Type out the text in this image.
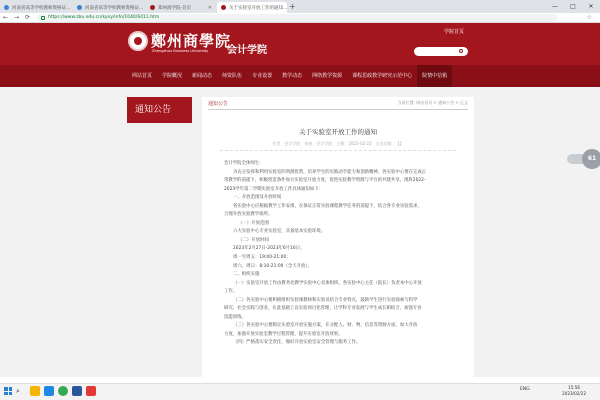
河南省高等学校教师资格证…	河南省高等学校教师资格证…	郑州商学院-首页	✕	关于实验室开放工作的通知… +	—	□	✕
← → ⟳	https://www.zbu.edu.cn/kyxy/info/1040/6411.htm	☆
鄭州商學院
Zhengzhou Business University 会计学院
学院首页
网站首页	学院概况	新闻动态	师资队伍	专业设置	教学动态	网络教学资源	课程思政教学研究示范中心	院情中信箱
通知公告
通知公告	当前位置: 网站首页 > 通知公告 > 正文
关于实验室开放工作的通知
作者：会计学院　审核：会计学院　日期：2023-02-22　点击次数：【】

会计学院全体师生：

为充分发挥和利用实验室的资源优势，培养学生的实践动手能力和创新精神，各实验中心要在完成正

常教学的前提下，积极创造条件加大实验室开放力度，促进实验教学资源与平台的共建共享。现将2022-

2023学年第二学期实验室开放工作具体通知如下：

一、开放范围及开放时间

各实验中心应根据教学工作安排，在保证正常实验课程教学任务的前提下，结合各专业实验需求，

合理开放实验教学场所。

（一）开放范围

六大实验中心专业实验室，具备基本实验环境。

（二）开放时间

2023年2月27日-2023年6月16日；

周一至周五：19:00-21:00；

周六、周日：8:10-21:00（全天开放）。

二、组织实施

（一）实验室开放工作由教务处教学实验中心具体组织，各实验中心主任（院长）负责本中心开放

工作。

（二）各实验中心要积极组织实验课教师和实验员结合专业特点，鼓励学生进行实验探索与科学

研究、社会实践与创业，在此基础上以实验项目化管理，让学科专业发展与学生成长相结合，加强专业

技能训练。

（三）各实验中心要制定实验室开放实施方案，在分配人、财、物、信息等资源方面，加大开放

力度，加强开放实验室教学过程管理，提升实验室开放效果。

（四）严格落实安全责任，做好开放实验室安全管理与服务工作。

61
⌕	ENG	15:56
2023/02/22
